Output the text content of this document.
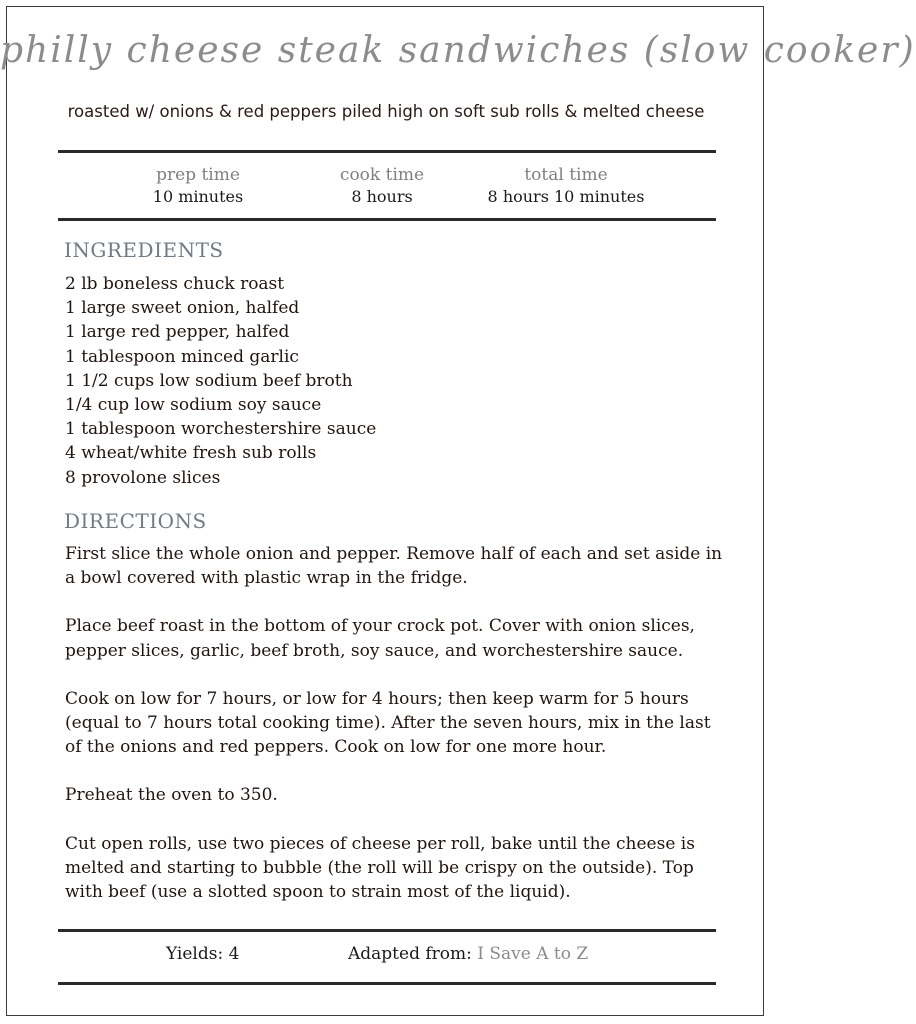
philly cheese steak sandwiches (slow cooker)
roasted w/ onions & red peppers piled high on soft sub rolls & melted cheese
prep time
10 minutes
cook time
8 hours
total time
8 hours 10 minutes
INGREDIENTS
2 lb boneless chuck roast
1 large sweet onion, halfed
1 large red pepper, halfed
1 tablespoon minced garlic
1 1/2 cups low sodium beef broth
1/4 cup low sodium soy sauce
1 tablespoon worchestershire sauce
4 wheat/white fresh sub rolls
8 provolone slices
DIRECTIONS

First slice the whole onion and pepper. Remove half of each and set aside in a bowl covered with plastic wrap in the fridge.

Place beef roast in the bottom of your crock pot. Cover with onion slices, pepper slices, garlic, beef broth, soy sauce, and worchestershire sauce.

Cook on low for 7 hours, or low for 4 hours; then keep warm for 5 hours (equal to 7 hours total cooking time). After the seven hours, mix in the last of the onions and red peppers. Cook on low for one more hour.

Preheat the oven to 350.

Cut open rolls, use two pieces of cheese per roll, bake until the cheese is melted and starting to bubble (the roll will be crispy on the outside). Top with beef (use a slotted spoon to strain most of the liquid).

Yields: 4	Adapted from: I Save A to Z
